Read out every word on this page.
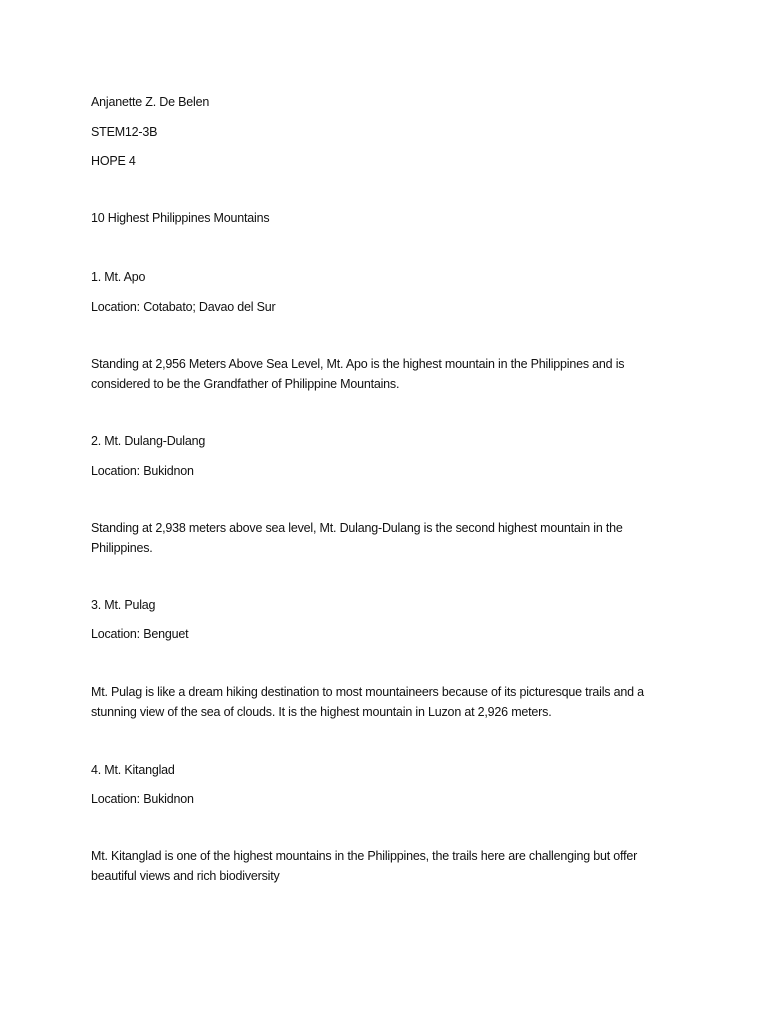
Anjanette Z. De Belen
STEM12-3B
HOPE 4
10 Highest Philippines Mountains
1. Mt. Apo
Location: Cotabato; Davao del Sur
Standing at 2,956 Meters Above Sea Level, Mt. Apo is the highest mountain in the Philippines and is considered to be the Grandfather of Philippine Mountains.
2. Mt. Dulang-Dulang
Location: Bukidnon
Standing at 2,938 meters above sea level, Mt. Dulang-Dulang is the second highest mountain in the Philippines.
3. Mt. Pulag
Location: Benguet
Mt. Pulag is like a dream hiking destination to most mountaineers because of its picturesque trails and a stunning view of the sea of clouds. It is the highest mountain in Luzon at 2,926 meters.
4. Mt. Kitanglad
Location: Bukidnon
Mt. Kitanglad is one of the highest mountains in the Philippines, the trails here are challenging but offer beautiful views and rich biodiversity
